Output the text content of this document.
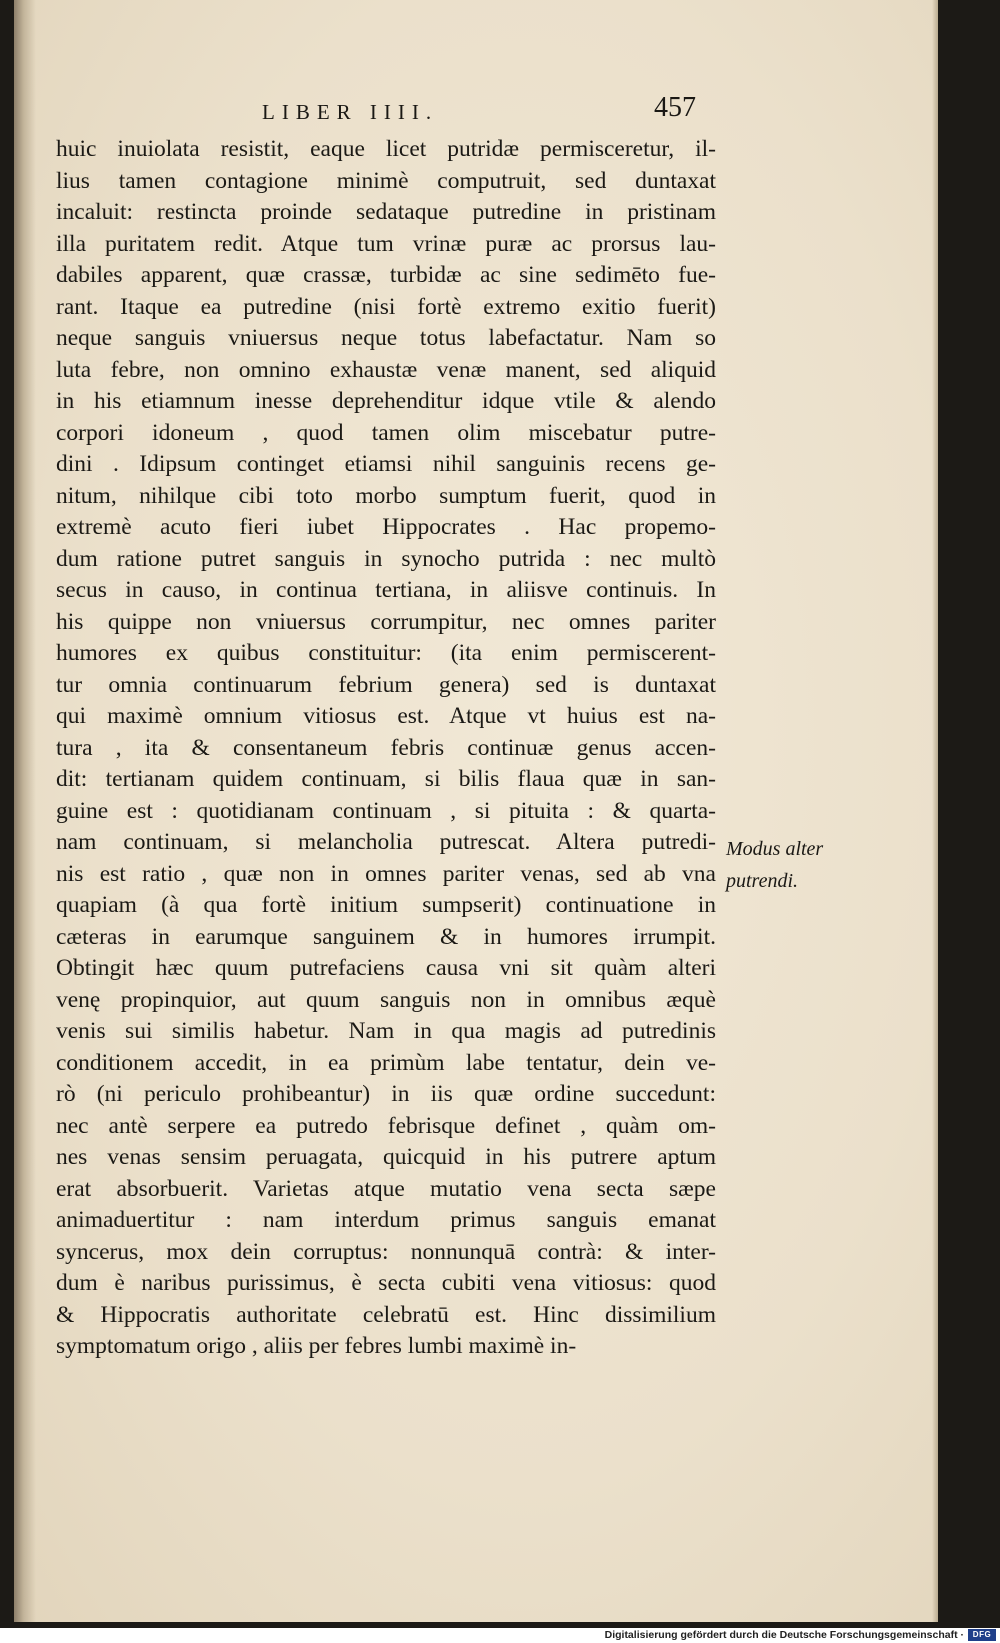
LIBER IIII.	457
huic inuiolata resistit, eaque licet putridæ permisceretur, il-
lius tamen contagione minimè computruit, sed duntaxat
incaluit: restincta proinde sedataque putredine in pristinam
illa puritatem redit. Atque tum vrinæ puræ ac prorsus lau-
dabiles apparent, quæ crassæ, turbidæ ac sine sedimēto fue-
rant. Itaque ea putredine (nisi fortè extremo exitio fuerit)
neque sanguis vniuersus neque totus labefactatur. Nam so
luta febre, non omnino exhaustæ venæ manent, sed aliquid
in his etiamnum inesse deprehenditur idque vtile & alendo
corpori idoneum , quod tamen olim miscebatur putre-
dini . Idipsum continget etiamsi nihil sanguinis recens ge-
nitum, nihilque cibi toto morbo sumptum fuerit, quod in
extremè acuto fieri iubet Hippocrates . Hac propemo-
dum ratione putret sanguis in synocho putrida : nec multò
secus in causo, in continua tertiana, in aliisve continuis. In
his quippe non vniuersus corrumpitur, nec omnes pariter
humores ex quibus constituitur: (ita enim permiscerent-
tur omnia continuarum febrium genera) sed is duntaxat
qui maximè omnium vitiosus est. Atque vt huius est na-
tura , ita & consentaneum febris continuæ genus accen-
dit: tertianam quidem continuam, si bilis flaua quæ in san-
guine est : quotidianam continuam , si pituita : & quarta-
nam continuam, si melancholia putrescat. Altera putredi-
nis est ratio , quæ non in omnes pariter venas, sed ab vna
quapiam (à qua fortè initium sumpserit) continuatione in
cæteras in earumque sanguinem & in humores irrumpit.
Obtingit hæc quum putrefaciens causa vni sit quàm alteri
venę propinquior, aut quum sanguis non in omnibus æquè
venis sui similis habetur. Nam in qua magis ad putredinis
conditionem accedit, in ea primùm labe tentatur, dein ve-
rò (ni periculo prohibeantur) in iis quæ ordine succedunt:
nec antè serpere ea putredo febrisque definet , quàm om-
nes venas sensim peruagata, quicquid in his putrere aptum
erat absorbuerit. Varietas atque mutatio vena secta sæpe
animaduertitur : nam interdum primus sanguis emanat
syncerus, mox dein corruptus: nonnunquā contrà: & inter-
dum è naribus purissimus, è secta cubiti vena vitiosus: quod
& Hippocratis authoritate celebratū est. Hinc dissimilium
symptomatum origo , aliis per febres lumbi maximè in-
Modus alter
putrendi.
Digitalisierung gefördert durch die Deutsche Forschungsgemeinschaft ·	DFG
